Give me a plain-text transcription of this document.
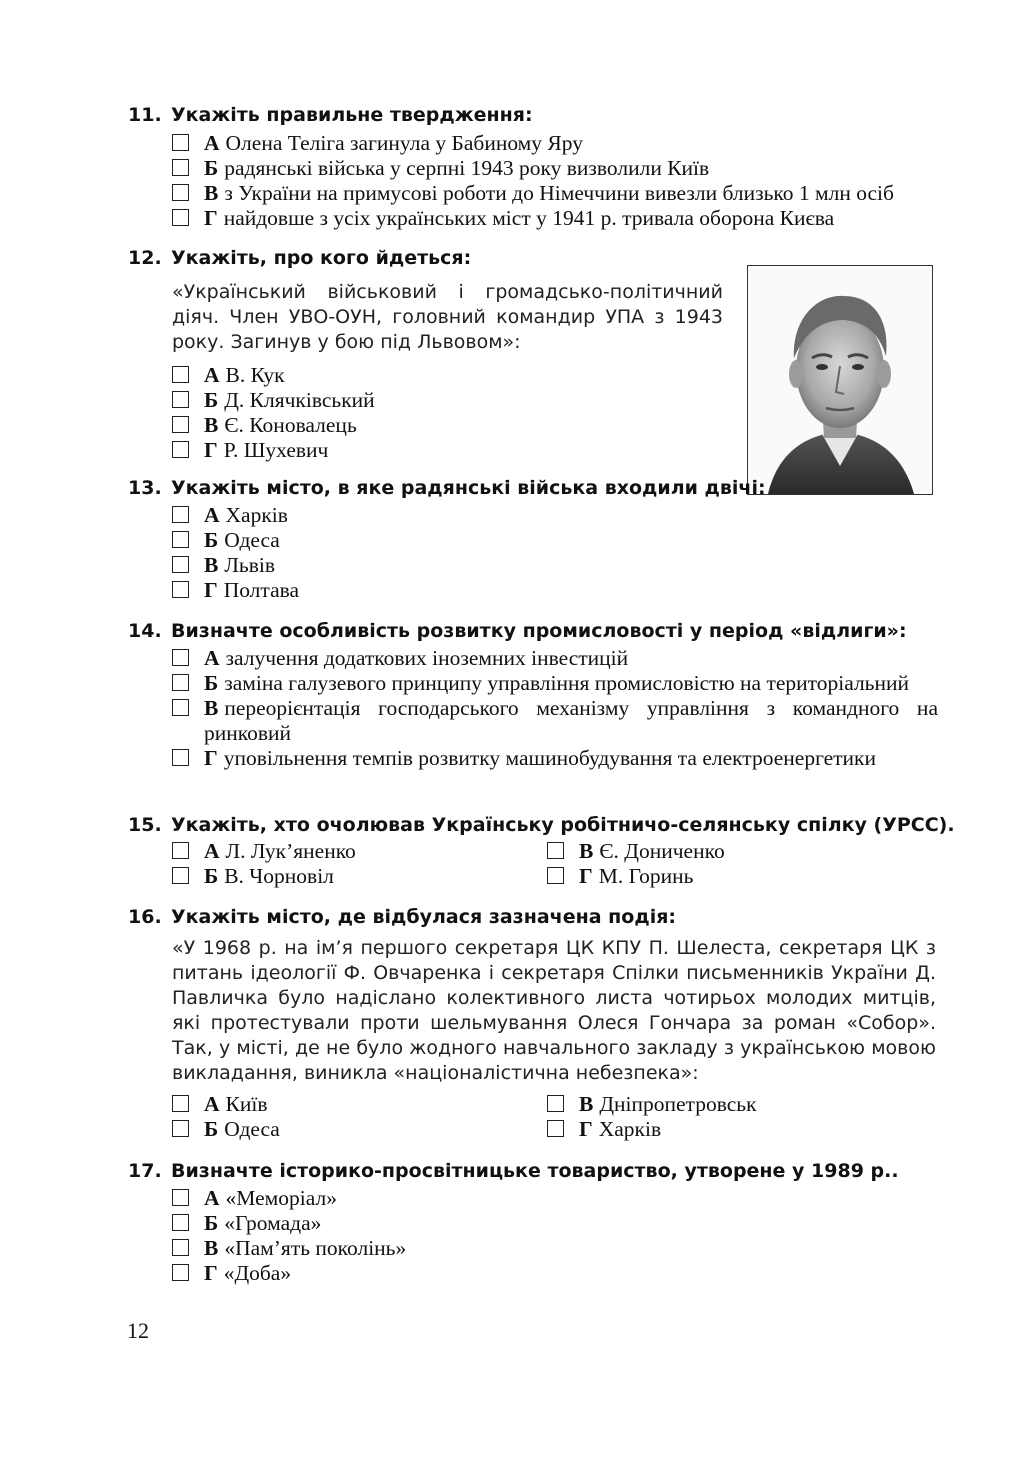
11. Укажіть правильне твердження:
А Олена Теліга загинула у Бабиному Яру
Б радянські війська у серпні 1943 року визволили Київ
В з України на примусові роботи до Німеччини вивезли близько 1 млн осіб
Г найдовше з усіх українських міст у 1941 р. тривала оборона Києва
12. Укажіть, про кого йдеться:
«Український військовий і громадсько-політичний діяч. Член УВО-ОУН, головний командир УПА з 1943 року. Загинув у бою під Львовом»:
А В. Кук
Б Д. Клячківський
В Є. Коновалець
Г Р. Шухевич
13. Укажіть місто, в яке радянські війська входили двічі:
А Харків
Б Одеса
В Львів
Г Полтава
14. Визначте особливість розвитку промисловості у період «відлиги»:
А залучення додаткових іноземних інвестицій
Б заміна галузевого принципу управління промисловістю на територіальний
В переорієнтація господарського механізму управління з командного на ринковий
Г уповільнення темпів розвитку машинобудування та електроенергетики
15. Укажіть, хто очолював Українську робітничо-селянську спілку (УРСС).
А Л. Лук’яненко
Б В. Чорновіл
В Є. Дониченко
Г М. Горинь
16. Укажіть місто, де відбулася зазначена подія:
«У 1968 р. на ім’я першого секретаря ЦК КПУ П. Шелеста, секретаря ЦК з питань ідеології Ф. Овчаренка і секретаря Спілки письменників України Д. Павличка було надіслано колективного листа чотирьох молодих митців, які протестували проти шельмування Олеся Гончара за роман «Собор». Так, у місті, де не було жодного навчального закладу з українською мовою викладання, виникла «націоналістична небезпека»:
А Київ
Б Одеса
В Дніпропетровськ
Г Харків
17. Визначте історико-просвітницьке товариство, утворене у 1989 р..
А «Меморіал»
Б «Громада»
В «Пам’ять поколінь»
Г «Доба»
12
